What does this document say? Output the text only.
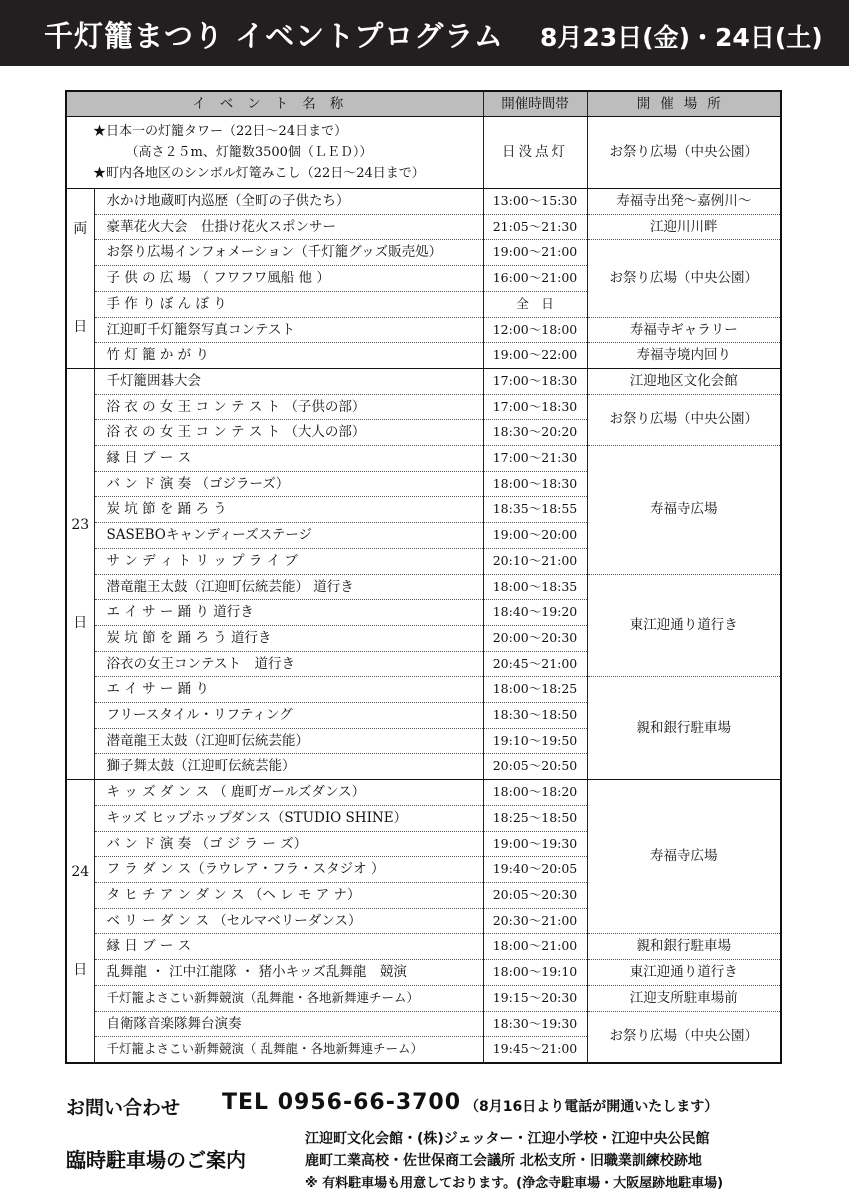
千灯籠まつり イベントプログラム 8月23日(金)・24日(土)
イベント名称		開催時間帯	開催場所
★日本一の灯籠タワー（22日〜24日まで）
　　　（高さ２５m、灯籠数3500個（ＬＥＤ））
★町内各地区のシンボル灯篭みこし（22日〜24日まで）		日没点灯	お祭り広場（中央公園）

両
日	水かけ地蔵町内巡歴（全町の子供たち）	13:00〜15:30	寿福寺出発〜嘉例川〜
	豪華花火大会　仕掛け花火スポンサー	21:05〜21:30	江迎川川畔
	お祭り広場インフォメーション（千灯籠グッズ販売処）	19:00〜21:00	お祭り広場（中央公園）
	子 供 の 広 場 （ フワフワ風船 他 ）	16:00〜21:00	
	手 作 り ぼ ん ぼ り	全　日	
	江迎町千灯籠祭写真コンテスト	12:00〜18:00	寿福寺ギャラリー
	竹 灯 籠 か が り	19:00〜22:00	寿福寺境内回り

23
日	千灯籠囲碁大会	17:00〜18:30	江迎地区文化会館
	浴 衣 の 女 王 コ ン テ ス ト （子供の部）	17:00〜18:30	お祭り広場（中央公園）
	浴 衣 の 女 王 コ ン テ ス ト （大人の部）	18:30〜20:20	
	縁 日 ブ ー ス	17:00〜21:30	寿福寺広場
	バ ン ド 演 奏 （ゴジラーズ）	18:00〜18:30	
	炭 坑 節 を 踊 ろ う	18:35〜18:55	
	SASEBOキャンディーズステージ	19:00〜20:00	
	サ ン デ ィ ト リ ッ プ ラ イ ブ	20:10〜21:00	
	潜竜龍王太鼓（江迎町伝統芸能） 道行き	18:00〜18:35	東江迎通り道行き
	エ イ サ ー 踊 り 道行き	18:40〜19:20	
	炭 坑 節 を 踊 ろ う 道行き	20:00〜20:30	
	浴衣の女王コンテスト　道行き	20:45〜21:00	
	エ イ サ ー 踊 り	18:00〜18:25	親和銀行駐車場
	フリースタイル・リフティング	18:30〜18:50	
	潜竜龍王太鼓（江迎町伝統芸能）	19:10〜19:50	
	獅子舞太鼓（江迎町伝統芸能）	20:05〜20:50	

24
日	キ ッ ズ ダ ン ス （ 鹿町ガールズダンス）	18:00〜18:20	寿福寺広場
	キッズ ヒップホップダンス（STUDIO SHINE）	18:25〜18:50	
	バ ン ド 演 奏 （ゴ ジ ラ ー ズ）	19:00〜19:30	
	フ ラ ダ ン ス（ラウレア・フラ・スタジオ ）	19:40〜20:05	
	タ ヒ チ ア ン ダ ン ス （ヘ レ モ ア ナ）	20:05〜20:30	
	ベ リ ー ダ ン ス （セルマベリーダンス）	20:30〜21:00	
	縁 日 ブ ー ス	18:00〜21:00	親和銀行駐車場
	乱舞龍 ・ 江中江龍隊 ・ 猪小キッズ乱舞龍　競演	18:00〜19:10	東江迎通り道行き
	千灯籠よさこい新舞競演（乱舞龍・各地新舞連チーム）	19:15〜20:30	江迎支所駐車場前
	自衛隊音楽隊舞台演奏	18:30〜19:30	お祭り広場（中央公園）
	千灯籠よさこい新舞競演（ 乱舞龍・各地新舞連チーム）	19:45〜21:00	
お問い合わせ TEL 0956-66-3700 （8月16日より電話が開通いたします）
臨時駐車場のご案内
江迎町文化会館・(株)ジェッター・江迎小学校・江迎中央公民館
鹿町工業高校・佐世保商工会議所 北松支所・旧職業訓練校跡地
※ 有料駐車場も用意しております。(浄念寺駐車場・大阪屋跡地駐車場)
